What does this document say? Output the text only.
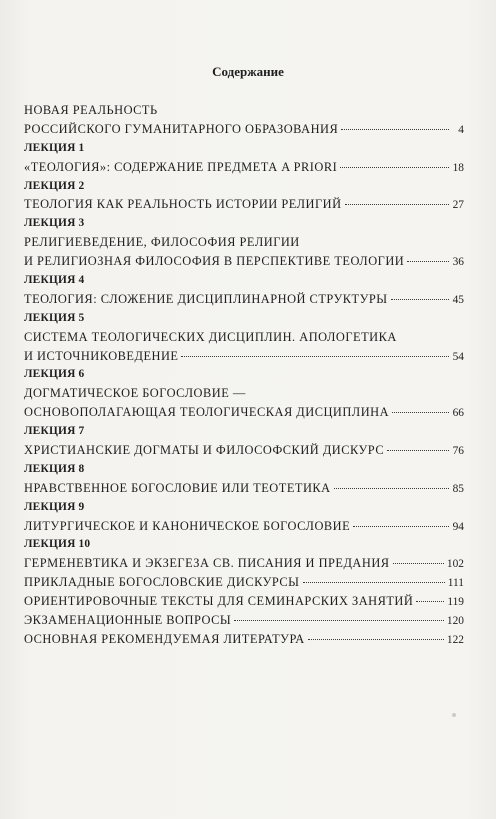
Содержание
НОВАЯ РЕАЛЬНОСТЬ
РОССИЙСКОГО ГУМАНИТАРНОГО ОБРАЗОВАНИЯ	4
ЛЕКЦИЯ 1
«ТЕОЛОГИЯ»: СОДЕРЖАНИЕ ПРЕДМЕТА A PRIORI	18
ЛЕКЦИЯ 2
ТЕОЛОГИЯ КАК РЕАЛЬНОСТЬ ИСТОРИИ РЕЛИГИЙ	27
ЛЕКЦИЯ 3
РЕЛИГИЕВЕДЕНИЕ, ФИЛОСОФИЯ РЕЛИГИИ
И РЕЛИГИОЗНАЯ ФИЛОСОФИЯ В ПЕРСПЕКТИВЕ ТЕОЛОГИИ	36
ЛЕКЦИЯ 4
ТЕОЛОГИЯ: СЛОЖЕНИЕ ДИСЦИПЛИНАРНОЙ СТРУКТУРЫ	45
ЛЕКЦИЯ 5
СИСТЕМА ТЕОЛОГИЧЕСКИХ ДИСЦИПЛИН. АПОЛОГЕТИКА
И ИСТОЧНИКОВЕДЕНИЕ	54
ЛЕКЦИЯ 6
ДОГМАТИЧЕСКОЕ БОГОСЛОВИЕ —
ОСНОВОПОЛАГАЮЩАЯ ТЕОЛОГИЧЕСКАЯ ДИСЦИПЛИНА	66
ЛЕКЦИЯ 7
ХРИСТИАНСКИЕ ДОГМАТЫ И ФИЛОСОФСКИЙ ДИСКУРС	76
ЛЕКЦИЯ 8
НРАВСТВЕННОЕ БОГОСЛОВИЕ ИЛИ ТЕОТЕТИКА	85
ЛЕКЦИЯ 9
ЛИТУРГИЧЕСКОЕ И КАНОНИЧЕСКОЕ БОГОСЛОВИЕ	94
ЛЕКЦИЯ 10
ГЕРМЕНЕВТИКА И ЭКЗЕГЕЗА СВ. ПИСАНИЯ И ПРЕДАНИЯ	102
ПРИКЛАДНЫЕ БОГОСЛОВСКИЕ ДИСКУРСЫ	111
ОРИЕНТИРОВОЧНЫЕ ТЕКСТЫ ДЛЯ СЕМИНАРСКИХ ЗАНЯТИЙ	119
ЭКЗАМЕНАЦИОННЫЕ ВОПРОСЫ	120
ОСНОВНАЯ РЕКОМЕНДУЕМАЯ ЛИТЕРАТУРА	122
